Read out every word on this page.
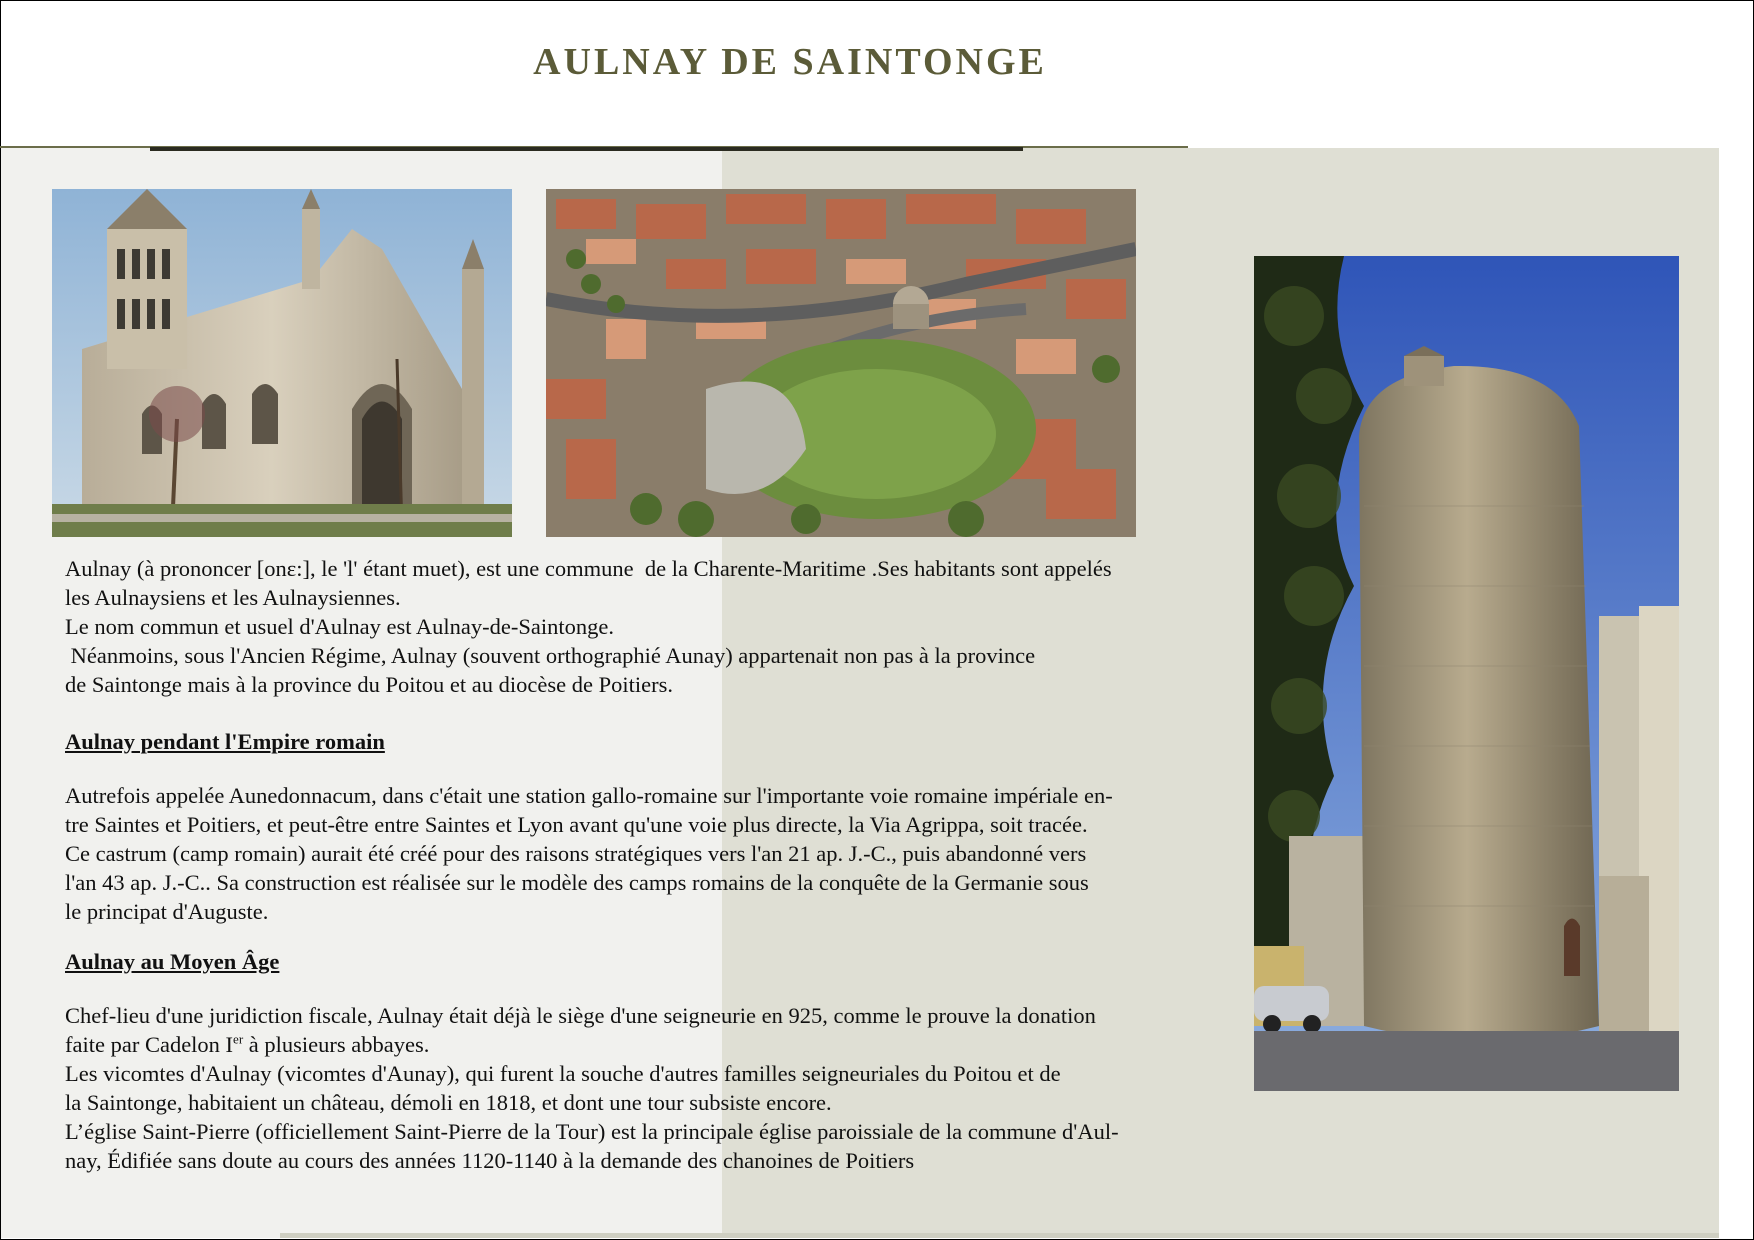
AULNAY DE SAINTONGE

Aulnay (à prononcer [onɛ:], le 'l' étant muet), est une commune  de la Charente-Maritime .Ses habitants sont appelés

les Aulnaysiens et les Aulnaysiennes.

Le nom commun et usuel d'Aulnay est Aulnay-de-Saintonge.

Néanmoins, sous l'Ancien Régime, Aulnay (souvent orthographié Aunay) appartenait non pas à la province

de Saintonge mais à la province du Poitou et au diocèse de Poitiers.

Aulnay pendant l'Empire romain

Autrefois appelée Aunedonnacum, dans c'était une station gallo-romaine sur l'importante voie romaine impériale en-

tre Saintes et Poitiers, et peut-être entre Saintes et Lyon avant qu'une voie plus directe, la Via Agrippa, soit tracée.

Ce castrum (camp romain) aurait été créé pour des raisons stratégiques vers l'an 21 ap. J.-C., puis abandonné vers

l'an 43 ap. J.-C.. Sa construction est réalisée sur le modèle des camps romains de la conquête de la Germanie sous

le principat d'Auguste.

Aulnay au Moyen Âge

Chef-lieu d'une juridiction fiscale, Aulnay était déjà le siège d'une seigneurie en 925, comme le prouve la donation

faite par Cadelon Ier à plusieurs abbayes.

Les vicomtes d'Aulnay (vicomtes d'Aunay), qui furent la souche d'autres familles seigneuriales du Poitou et de

la Saintonge, habitaient un château, démoli en 1818, et dont une tour subsiste encore.

L’église Saint-Pierre (officiellement Saint-Pierre de la Tour) est la principale église paroissiale de la commune d'Aul-

nay, Édifiée sans doute au cours des années 1120-1140 à la demande des chanoines de Poitiers
